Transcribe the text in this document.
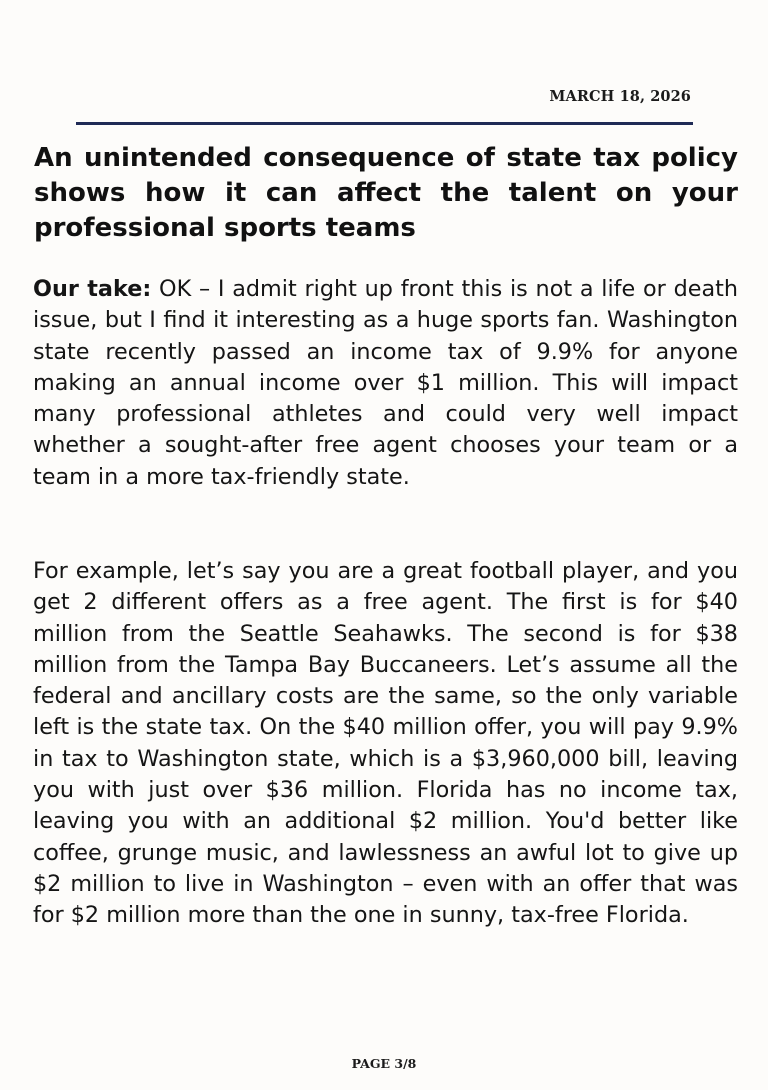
MARCH 18, 2026
An unintended consequence of state tax policy shows how it can affect the talent on your professional sports teams

Our take: OK – I admit right up front this is not a life or death issue, but I find it interesting as a huge sports fan. Washington state recently passed an income tax of 9.9% for anyone making an annual income over $1 million. This will impact many professional athletes and could very well impact whether a sought-after free agent chooses your team or a team in a more tax-friendly state.

For example, let’s say you are a great football player, and you get 2 different offers as a free agent. The first is for $40 million from the Seattle Seahawks. The second is for $38 million from the Tampa Bay Buccaneers. Let’s assume all the federal and ancillary costs are the same, so the only variable left is the state tax. On the $40 million offer, you will pay 9.9% in tax to Washington state, which is a $3,960,000 bill, leaving you with just over $36 million. Florida has no income tax, leaving you with an additional $2 million. You'd better like coffee, grunge music, and lawlessness an awful lot to give up $2 million to live in Washington – even with an offer that was for $2 million more than the one in sunny, tax-free Florida.

PAGE 3/8
